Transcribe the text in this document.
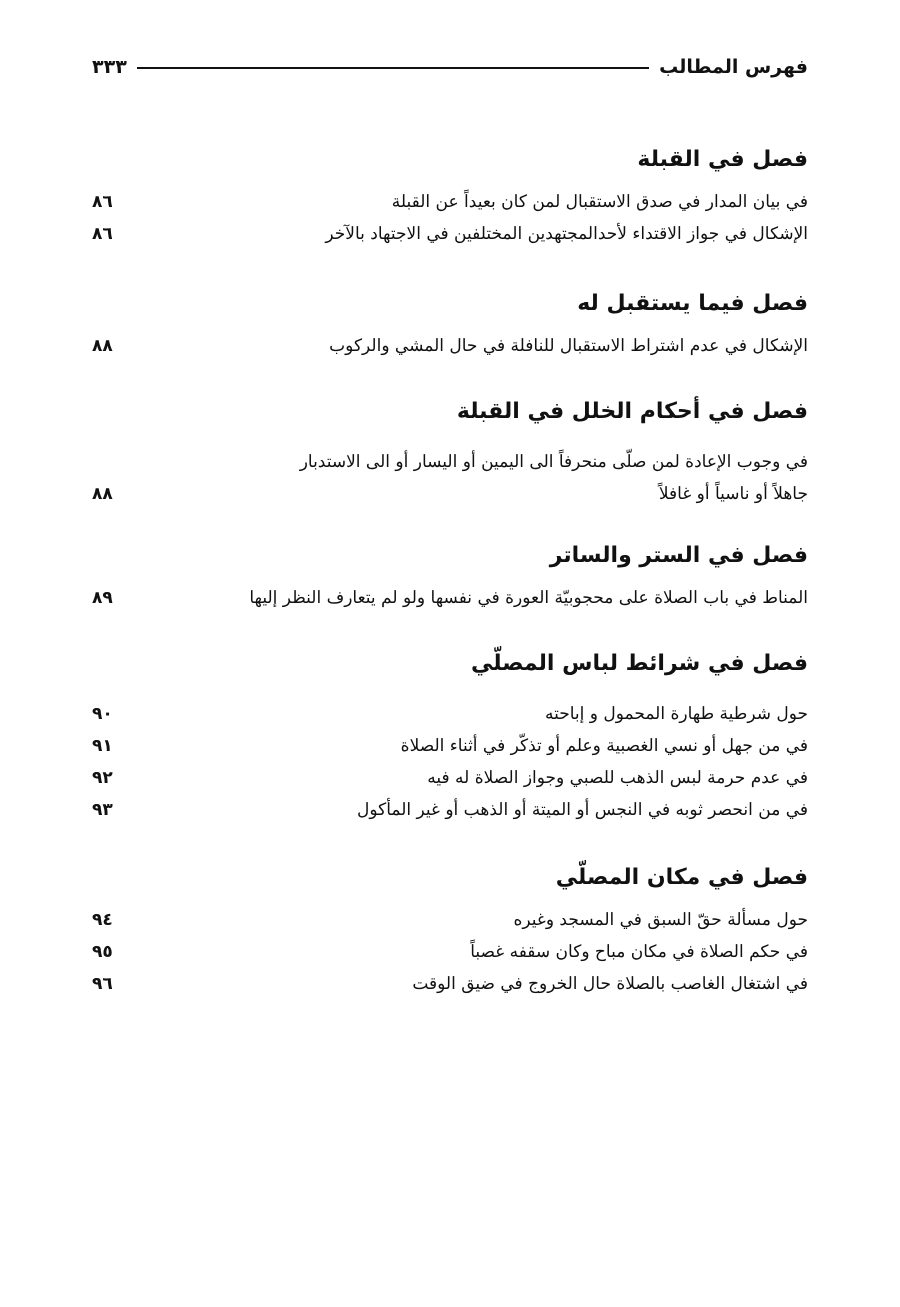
فهرس المطالب
٣٣٣
فصل في القبلة
في بيان المدار في صدق الاستقبال لمن كان بعيداً عن القبلة
٨٦
الإشكال في جواز الاقتداء لأحدالمجتهدين المختلفين في الاجتهاد بالآخر
٨٦
فصل فيما يستقبل له
الإشكال في عدم اشتراط الاستقبال للنافلة في حال المشي والركوب
٨٨
فصل في أحكام الخلل في القبلة
في وجوب الإعادة لمن صلّى منحرفاً الى اليمين أو اليسار أو الى الاستدبار
جاهلاً أو ناسياً أو غافلاً
٨٨
فصل في الستر والساتر
المناط في باب الصلاة على محجوبيّة العورة في نفسها ولو لم يتعارف النظر إليها
٨٩
فصل في شرائط لباس المصلّي
حول شرطية طهارة المحمول و إباحته
٩٠
في من جهل أو نسي الغصبية وعلم أو تذكّر في أثناء الصلاة
٩١
في عدم حرمة لبس الذهب للصبي وجواز الصلاة له فيه
٩٢
في من انحصر ثوبه في النجس أو الميتة أو الذهب أو غير المأكول
٩٣
فصل في مكان المصلّي
حول مسألة حقّ السبق في المسجد وغيره
٩٤
في حكم الصلاة في مكان مباح وكان سقفه غصباً
٩٥
في اشتغال الغاصب بالصلاة حال الخروج في ضيق الوقت
٩٦
